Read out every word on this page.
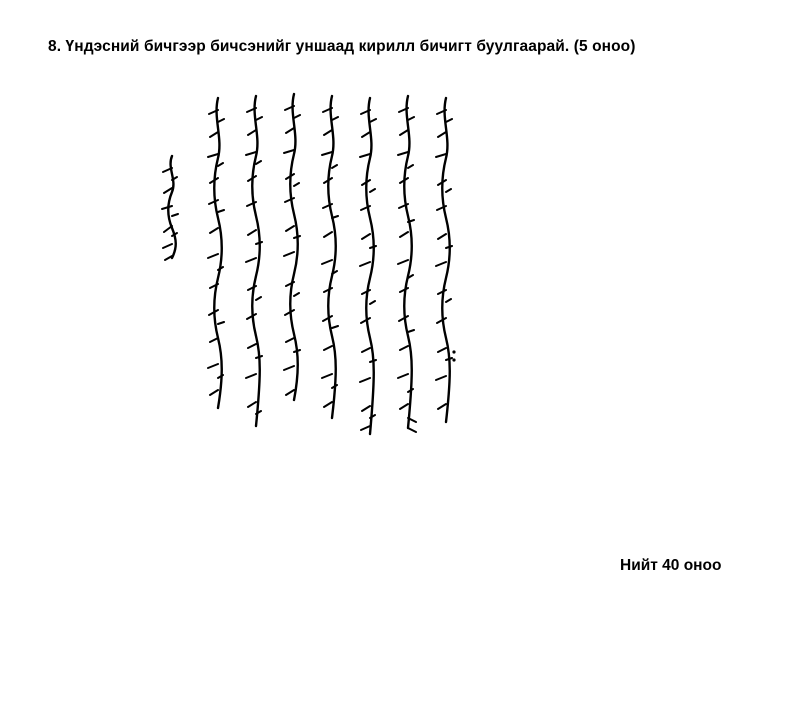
8. Үндэсний бичгээр бичсэнийг уншаад кирилл бичигт буулгаарай. (5 оноо)
Нийт 40 оноо
